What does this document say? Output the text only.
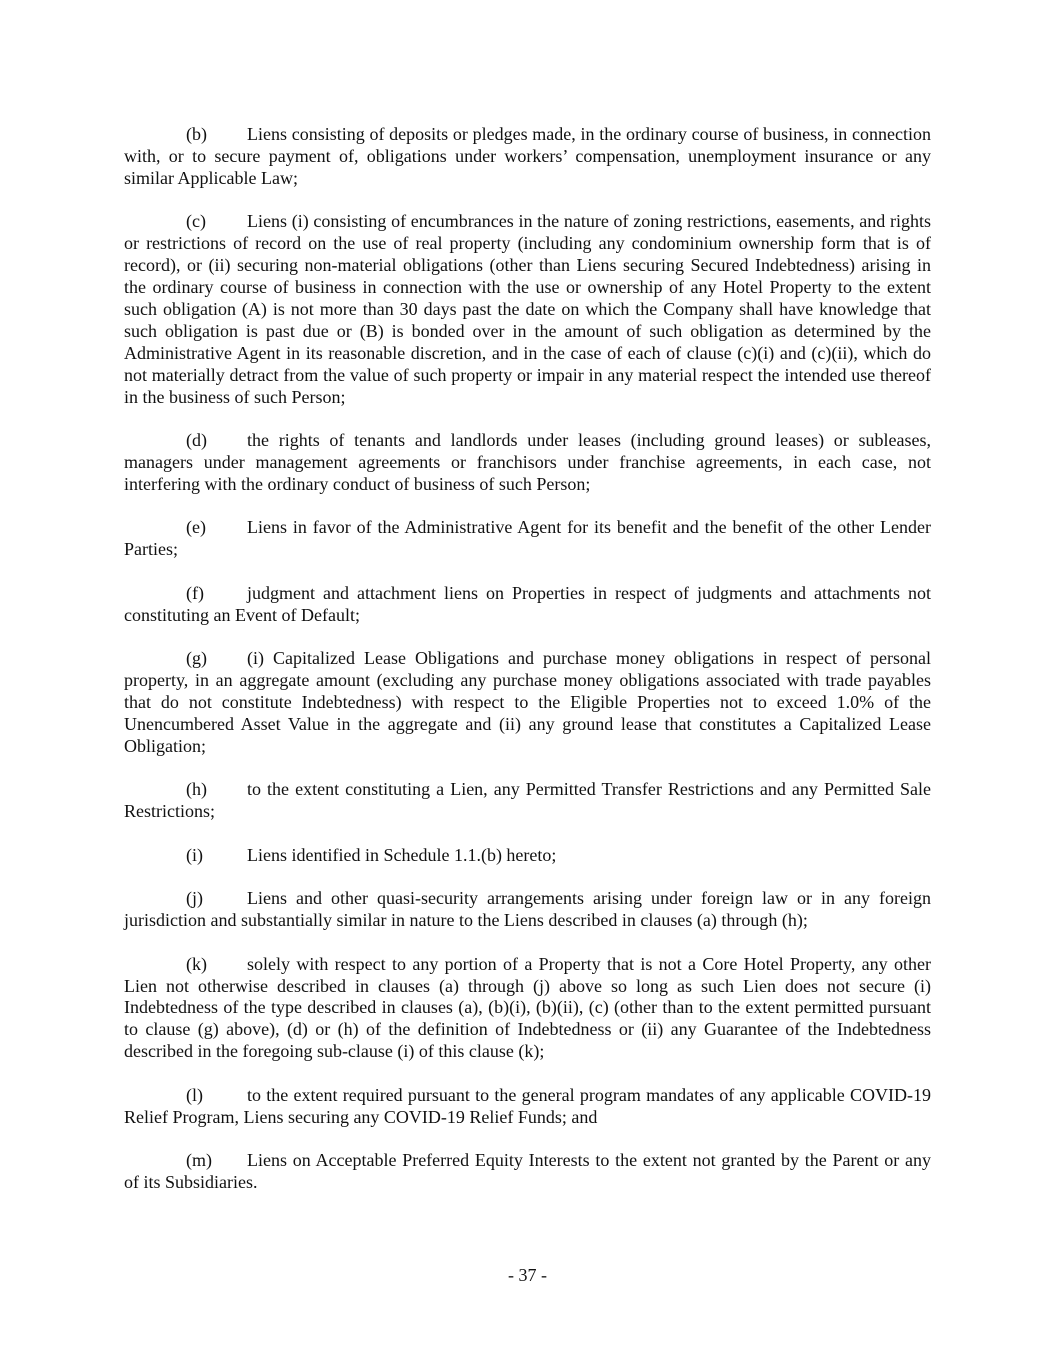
(b) Liens consisting of deposits or pledges made, in the ordinary course of business, in connection with, or to secure payment of, obligations under workers’ compensation, unemployment insurance or any similar Applicable Law;

(c) Liens (i) consisting of encumbrances in the nature of zoning restrictions, easements, and rights or restrictions of record on the use of real property (including any condominium ownership form that is of record), or (ii) securing non-material obligations (other than Liens securing Secured Indebtedness) arising in the ordinary course of business in connection with the use or ownership of any Hotel Property to the extent such obligation (A) is not more than 30 days past the date on which the Company shall have knowledge that such obligation is past due or (B) is bonded over in the amount of such obligation as determined by the Administrative Agent in its reasonable discretion, and in the case of each of clause (c)(i) and (c)(ii), which do not materially detract from the value of such property or impair in any material respect the intended use thereof in the business of such Person;

(d) the rights of tenants and landlords under leases (including ground leases) or subleases, managers under management agreements or franchisors under franchise agreements, in each case, not interfering with the ordinary conduct of business of such Person;

(e) Liens in favor of the Administrative Agent for its benefit and the benefit of the other Lender Parties;

(f) judgment and attachment liens on Properties in respect of judgments and attachments not constituting an Event of Default;

(g) (i) Capitalized Lease Obligations and purchase money obligations in respect of personal property, in an aggregate amount (excluding any purchase money obligations associated with trade payables that do not constitute Indebtedness) with respect to the Eligible Properties not to exceed 1.0% of the Unencumbered Asset Value in the aggregate and (ii) any ground lease that constitutes a Capitalized Lease Obligation;

(h) to the extent constituting a Lien, any Permitted Transfer Restrictions and any Permitted Sale Restrictions;

(i) Liens identified in Schedule 1.1.(b) hereto;

(j) Liens and other quasi-security arrangements arising under foreign law or in any foreign jurisdiction and substantially similar in nature to the Liens described in clauses (a) through (h);

(k) solely with respect to any portion of a Property that is not a Core Hotel Property, any other Lien not otherwise described in clauses (a) through (j) above so long as such Lien does not secure (i) Indebtedness of the type described in clauses (a), (b)(i), (b)(ii), (c) (other than to the extent permitted pursuant to clause (g) above), (d) or (h) of the definition of Indebtedness or (ii) any Guarantee of the Indebtedness described in the foregoing sub-clause (i) of this clause (k);

(l) to the extent required pursuant to the general program mandates of any applicable COVID-19 Relief Program, Liens securing any COVID-19 Relief Funds; and

(m) Liens on Acceptable Preferred Equity Interests to the extent not granted by the Parent or any of its Subsidiaries.

- 37 -
